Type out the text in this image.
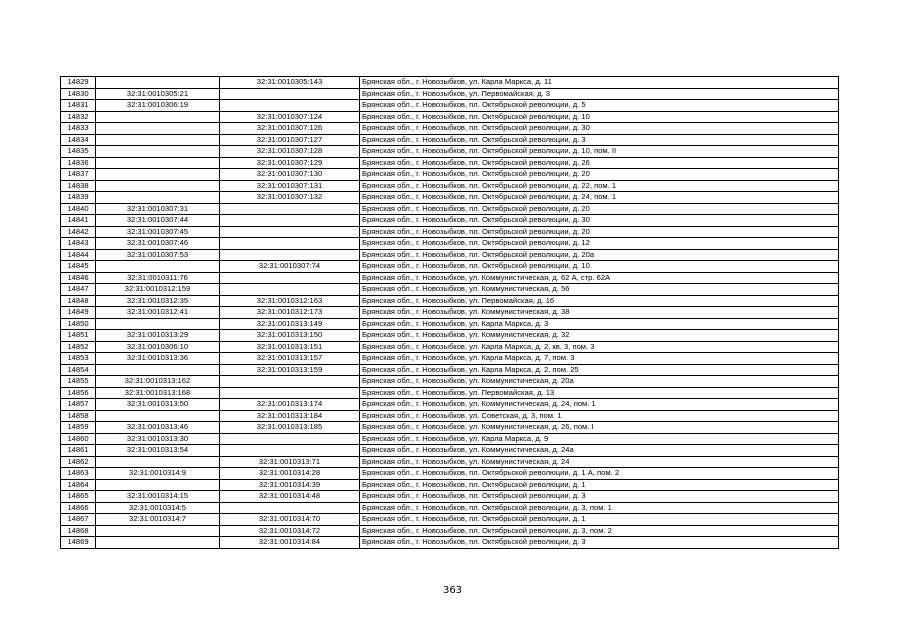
14829		32:31:0010305:143	Брянская обл., г. Новозыбков, ул. Карла Маркса, д. 11
14830	32:31:0010305:21		Брянская обл., г. Новозыбков, ул. Первомайская, д. 3
14831	32:31:0010306:19		Брянская обл., г. Новозыбков, пл. Октябрьской революции, д. 5
14832		32:31:0010307:124	Брянская обл., г. Новозыбков, пл. Октябрьской революции, д. 10
14833		32:31:0010307:126	Брянская обл., г. Новозыбков, пл. Октябрьской революции, д. 30
14834		32:31:0010307:127	Брянская обл., г. Новозыбков, пл. Октябрьской революции, д. 3
14835		32:31:0010307:128	Брянская обл., г. Новозыбков, пл. Октябрьской революции, д. 10, пом. II
14836		32:31:0010307:129	Брянская обл., г. Новозыбков, пл. Октябрьской революции, д. 26
14837		32:31:0010307:130	Брянская обл., г. Новозыбков, пл. Октябрьской революции, д. 20
14838		32:31:0010307:131	Брянская обл., г. Новозыбков, пл. Октябрьской революции, д. 22, пом. 1
14839		32:31:0010307:132	Брянская обл., г. Новозыбков, пл. Октябрьской революции, д. 24, пом. 1
14840	32:31:0010307:31		Брянская обл., г. Новозыбков, пл. Октябрьской революции, д. 20
14841	32:31:0010307:44		Брянская обл., г. Новозыбков, пл. Октябрьской революции, д. 30
14842	32:31:0010307:45		Брянская обл., г. Новозыбков, пл. Октябрьской революции, д. 20
14843	32:31:0010307:46		Брянская обл., г. Новозыбков, пл. Октябрьской революции, д. 12
14844	32:31:0010307:53		Брянская обл., г. Новозыбков, пл. Октябрьской революции, д. 20а
14845		32:31:0010307:74	Брянская обл., г. Новозыбков, пл. Октябрьской революции, д. 10
14846	32:31:0010311:76		Брянская обл., г. Новозыбков, ул. Коммунистическая, д. 62 А, стр. 62А
14847	32:31:0010312:159		Брянская обл., г. Новозыбков, ул. Коммунистическая, д. 56
14848	32:31:0010312:35	32:31:0010312:163	Брянская обл., г. Новозыбков, ул. Первомайская, д. 16
14849	32:31:0010312:41	32:31:0010312:173	Брянская обл., г. Новозыбков, ул. Коммунистическая, д. 38
14850		32:31:0010313:149	Брянская обл., г. Новозыбков, ул. Карла Маркса, д. 3
14851	32:31:0010313:29	32:31:0010313:150	Брянская обл., г. Новозыбков, ул. Коммунистическая, д. 32
14852	32:31:0010306:10	32:31:0010313:151	Брянская обл., г. Новозыбков, ул. Карла Маркса, д. 2, кв. 3, пом. 3
14853	32:31:0010313:36	32:31:0010313:157	Брянская обл., г. Новозыбков, ул. Карла Маркса, д. 7, пом. 3
14854		32:31:0010313:159	Брянская обл., г. Новозыбков, ул. Карла Маркса, д. 2, пом. 25
14855	32:31:0010313:162		Брянская обл., г. Новозыбков, ул. Коммунистическая, д. 20а
14856	32:31:0010313:168		Брянская обл., г. Новозыбков, ул. Первомайская, д. 13
14857	32:31:0010313:50	32:31:0010313:174	Брянская обл., г. Новозыбков, ул. Коммунистическая, д. 24, пом. 1
14858		32:31:0010313:184	Брянская обл., г. Новозыбков, ул. Советская, д. 3, пом. 1
14859	32:31:0010313:46	32:31:0010313:185	Брянская обл., г. Новозыбков, ул. Коммунистическая, д. 26, пом. I
14860	32:31:0010313:30		Брянская обл., г. Новозыбков, ул. Карла Маркса, д. 9
14861	32:31:0010313:54		Брянская обл., г. Новозыбков, ул. Коммунистическая, д. 24а
14862		32:31:0010313:71	Брянская обл., г. Новозыбков, ул. Коммунистическая, д. 24
14863	32:31:0010314:9	32:31:0010314:28	Брянская обл., г. Новозыбков, пл. Октябрьской революции, д. 1 А, пом. 2
14864		32:31:0010314:39	Брянская обл., г. Новозыбков, пл. Октябрьской революции, д. 1
14865	32:31:0010314:15	32:31:0010314:48	Брянская обл., г. Новозыбков, пл. Октябрьской революции, д. 3
14866	32:31:0010314:5		Брянская обл., г. Новозыбков, пл. Октябрьской революции, д. 3, пом. 1
14867	32:31:0010314:7	32:31:0010314:70	Брянская обл., г. Новозыбков, пл. Октябрьской революции, д. 1
14868		32:31:0010314:72	Брянская обл., г. Новозыбков, пл. Октябрьской революции, д. 3, пом. 2
14869		32:31:0010314:84	Брянская обл., г. Новозыбков, пл. Октябрьской революции, д. 3
363
